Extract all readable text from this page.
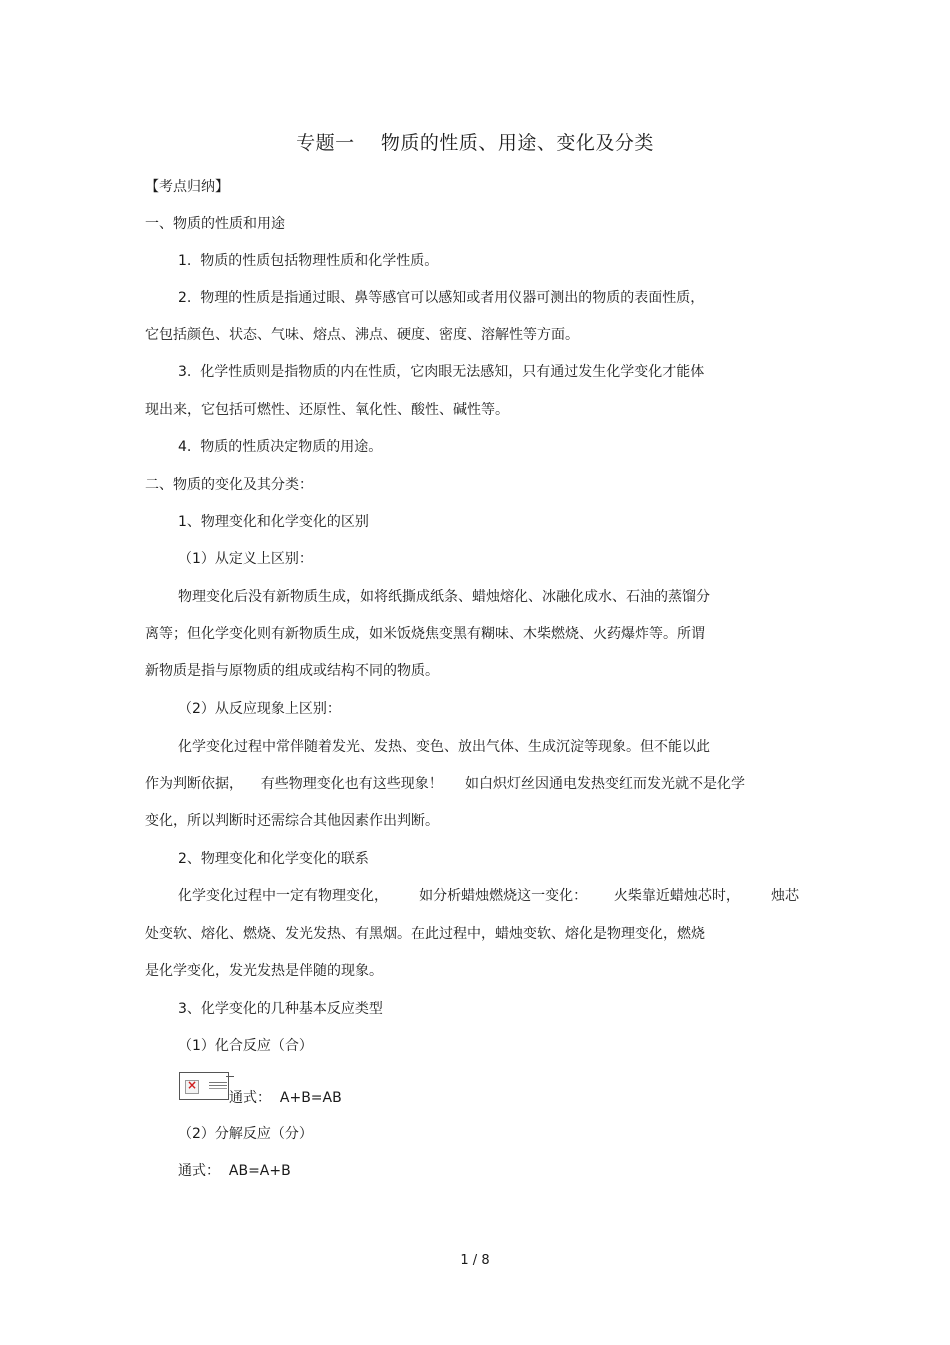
专题一    物质的性质、用途、变化及分类
【考点归纳】
一、物质的性质和用途
1.  物质的性质包括物理性质和化学性质。
2.  物理的性质是指通过眼、鼻等感官可以感知或者用仪器可测出的物质的表面性质，
它包括颜色、状态、气味、熔点、沸点、硬度、密度、溶解性等方面。
3.  化学性质则是指物质的内在性质，它肉眼无法感知，只有通过发生化学变化才能体
现出来，它包括可燃性、还原性、氧化性、酸性、碱性等。
4.  物质的性质决定物质的用途。
二、物质的变化及其分类：
1、物理变化和化学变化的区别
（1）从定义上区别：
物理变化后没有新物质生成，如将纸撕成纸条、蜡烛熔化、冰融化成水、石油的蒸馏分
离等；但化学变化则有新物质生成，如米饭烧焦变黑有糊味、木柴燃烧、火药爆炸等。所谓
新物质是指与原物质的组成或结构不同的物质。
（2）从反应现象上区别：
化学变化过程中常伴随着发光、发热、变色、放出气体、生成沉淀等现象。但不能以此
作为判断依据，    有些物理变化也有这些现象！     如白炽灯丝因通电发热变红而发光就不是化学
变化，所以判断时还需综合其他因素作出判断。
2、物理变化和化学变化的联系
化学变化过程中一定有物理变化，       如分析蜡烛燃烧这一变化：      火柴靠近蜡烛芯时，       烛芯
处变软、熔化、燃烧、发光发热、有黑烟。在此过程中，蜡烛变软、熔化是物理变化，燃烧
是化学变化，发光发热是伴随的现象。
3、化学变化的几种基本反应类型
（1）化合反应（合）
×
通式：  A+B=AB
（2）分解反应（分）
通式：  AB=A+B
1 / 8
